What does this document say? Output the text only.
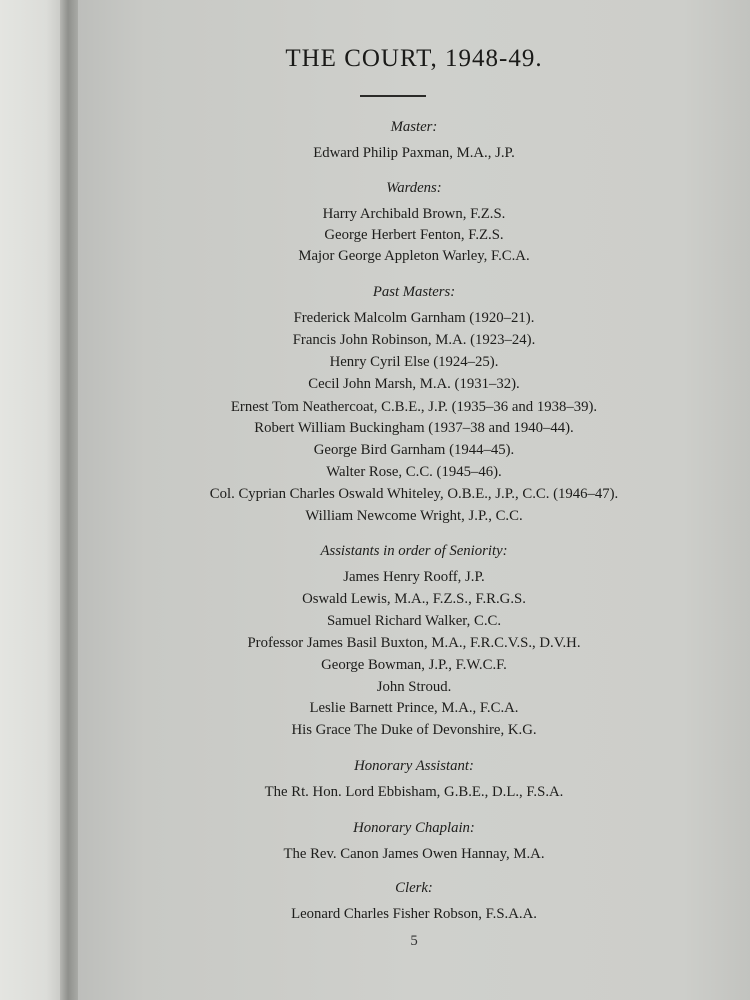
THE COURT, 1948-49.
Master:
Edward Philip Paxman, M.A., J.P.
Wardens:
Harry Archibald Brown, F.Z.S.
George Herbert Fenton, F.Z.S.
Major George Appleton Warley, F.C.A.
Past Masters:
Frederick Malcolm Garnham (1920–21).
Francis John Robinson, M.A. (1923–24).
Henry Cyril Else (1924–25).
Cecil John Marsh, M.A. (1931–32).
Ernest Tom Neathercoat, C.B.E., J.P. (1935–36 and 1938–39).
Robert William Buckingham (1937–38 and 1940–44).
George Bird Garnham (1944–45).
Walter Rose, C.C. (1945–46).
Col. Cyprian Charles Oswald Whiteley, O.B.E., J.P., C.C. (1946–47).
William Newcome Wright, J.P., C.C.
Assistants in order of Seniority:
James Henry Rooff, J.P.
Oswald Lewis, M.A., F.Z.S., F.R.G.S.
Samuel Richard Walker, C.C.
Professor James Basil Buxton, M.A., F.R.C.V.S., D.V.H.
George Bowman, J.P., F.W.C.F.
John Stroud.
Leslie Barnett Prince, M.A., F.C.A.
His Grace The Duke of Devonshire, K.G.
Honorary Assistant:
The Rt. Hon. Lord Ebbisham, G.B.E., D.L., F.S.A.
Honorary Chaplain:
The Rev. Canon James Owen Hannay, M.A.
Clerk:
Leonard Charles Fisher Robson, F.S.A.A.
5
